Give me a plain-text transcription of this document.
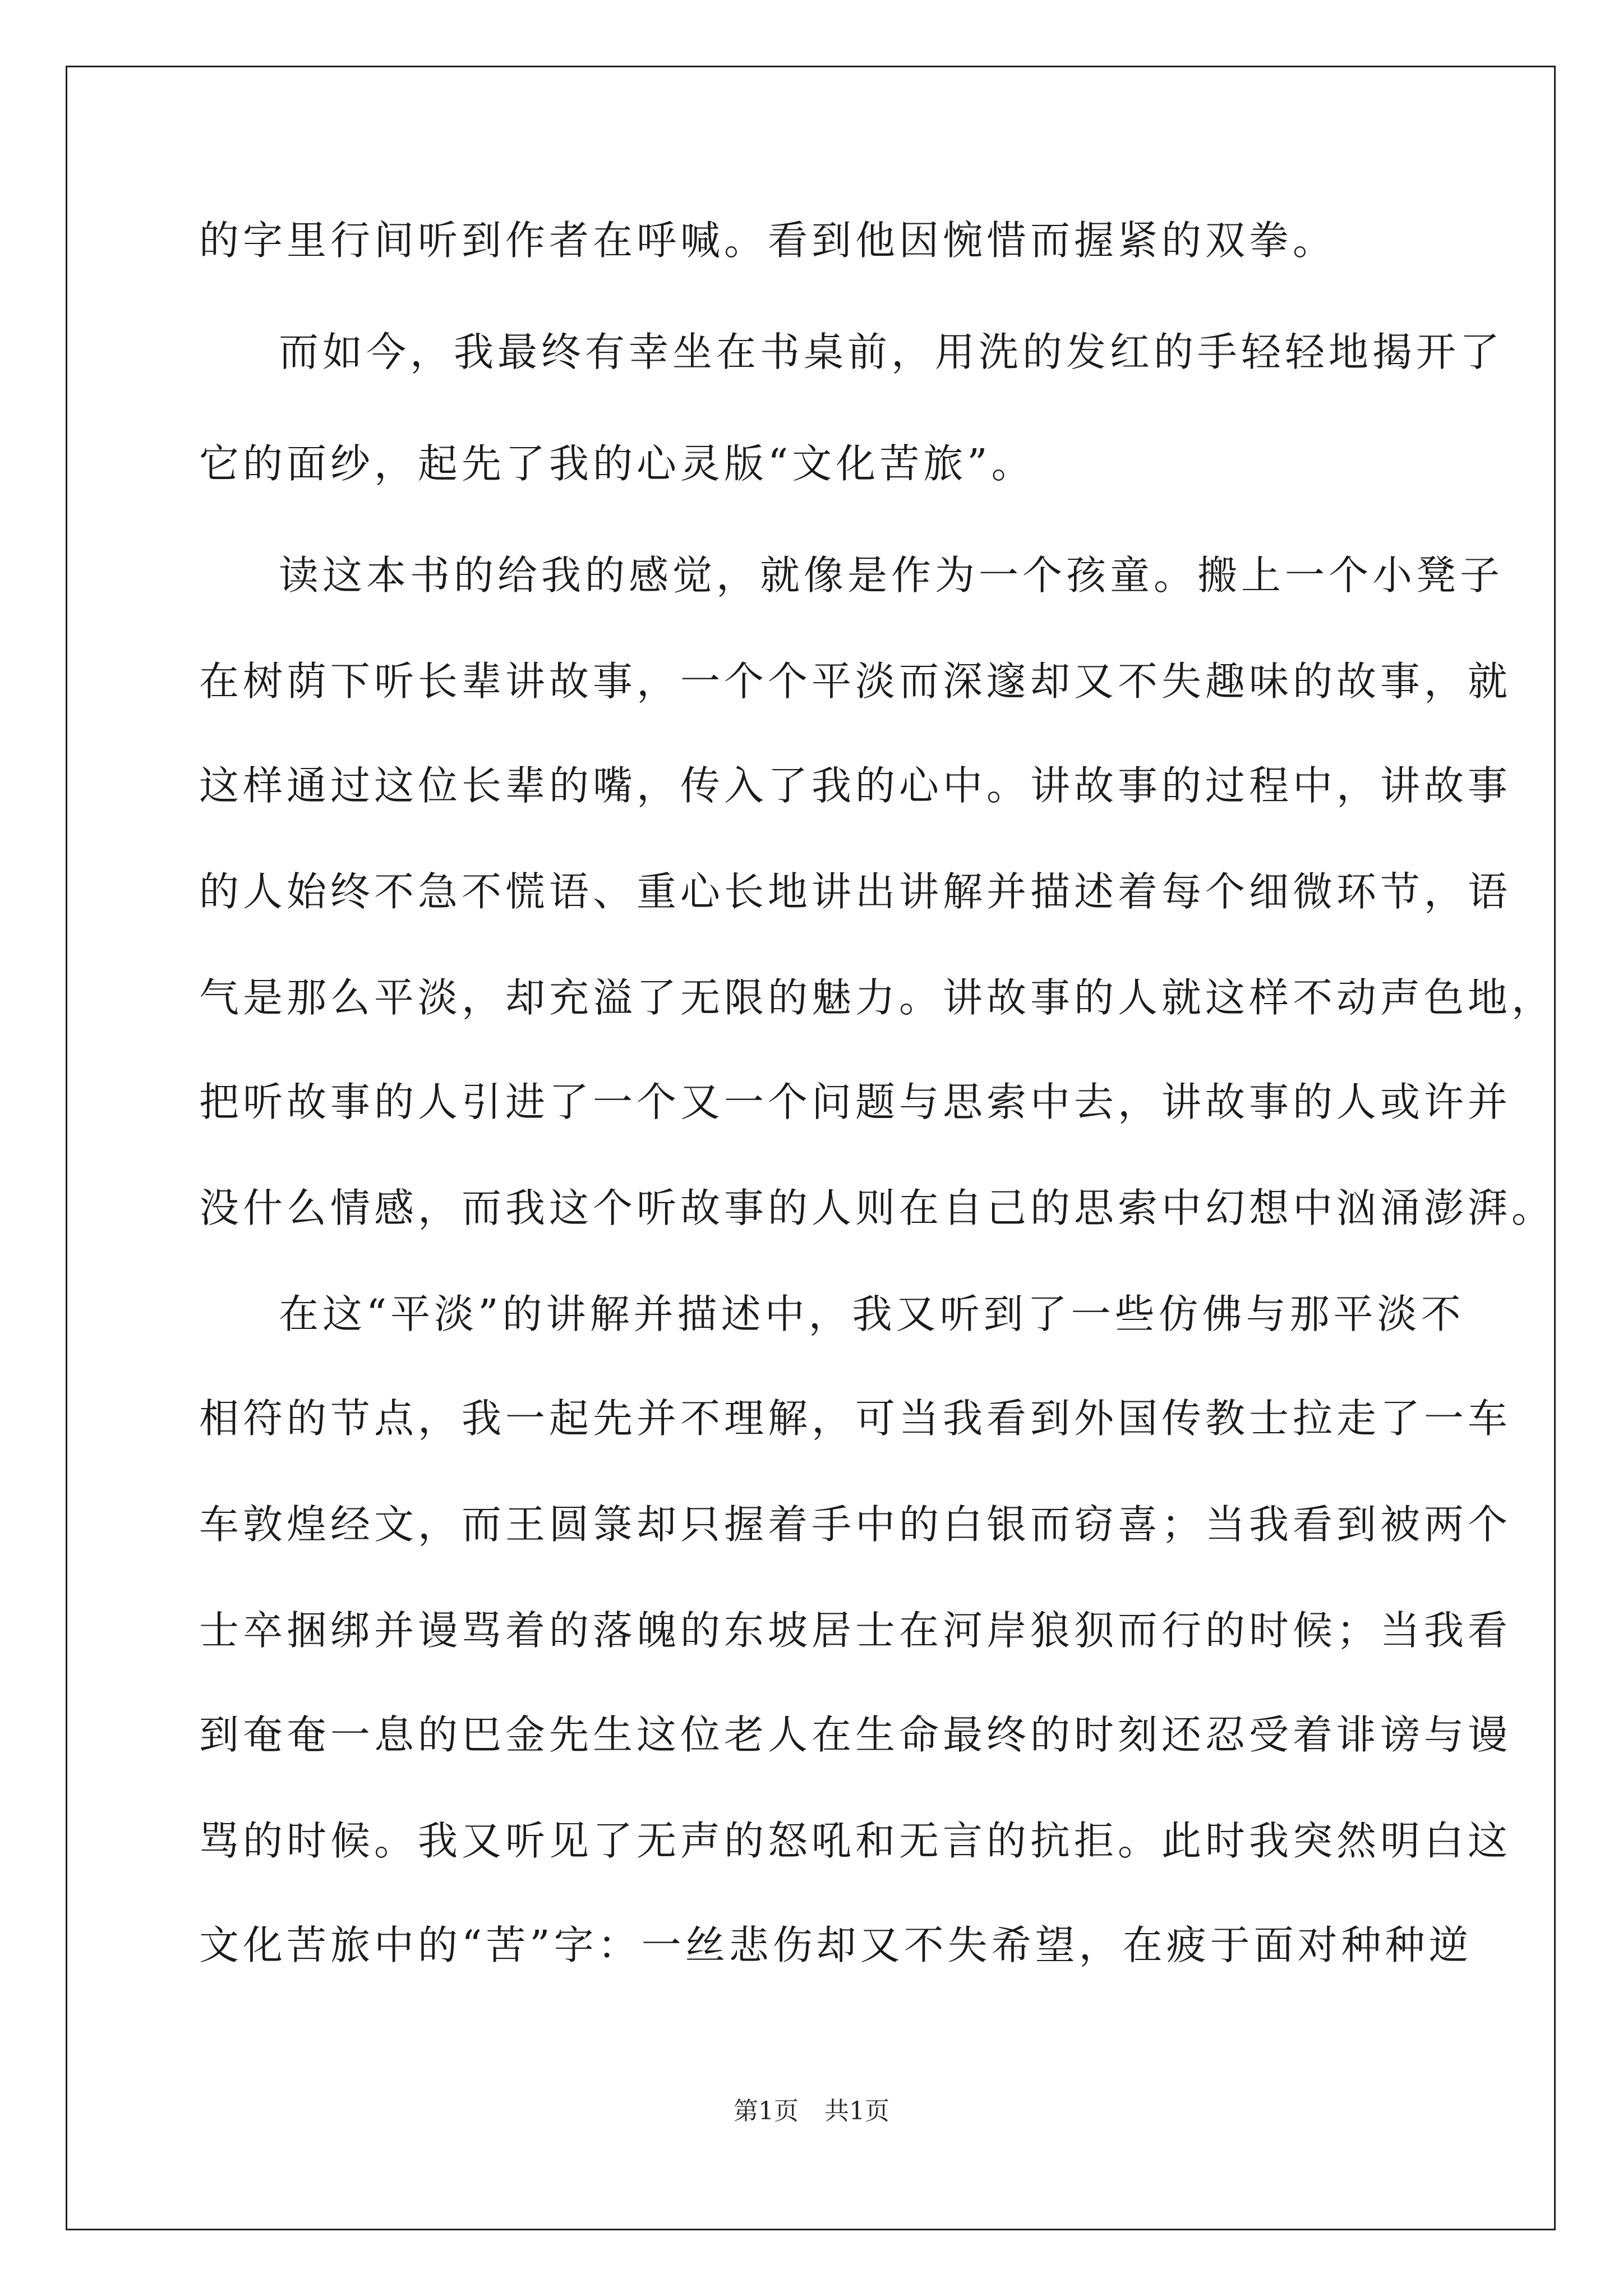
的字里行间听到作者在呼喊。看到他因惋惜而握紧的双拳。
而如今，我最终有幸坐在书桌前，用洗的发红的手轻轻地揭开了
它的面纱，起先了我的心灵版“文化苦旅”。
读这本书的给我的感觉，就像是作为一个孩童。搬上一个小凳子
在树荫下听长辈讲故事，一个个平淡而深邃却又不失趣味的故事，就
这样通过这位长辈的嘴，传入了我的心中。讲故事的过程中，讲故事
的人始终不急不慌语、重心长地讲出讲解并描述着每个细微环节，语
气是那么平淡，却充溢了无限的魅力。讲故事的人就这样不动声色地，
把听故事的人引进了一个又一个问题与思索中去，讲故事的人或许并
没什么情感，而我这个听故事的人则在自己的思索中幻想中汹涌澎湃。
在这“平淡”的讲解并描述中，我又听到了一些仿佛与那平淡不
相符的节点，我一起先并不理解，可当我看到外国传教士拉走了一车
车敦煌经文，而王圆箓却只握着手中的白银而窃喜；当我看到被两个
士卒捆绑并谩骂着的落魄的东坡居士在河岸狼狈而行的时候；当我看
到奄奄一息的巴金先生这位老人在生命最终的时刻还忍受着诽谤与谩
骂的时候。我又听见了无声的怒吼和无言的抗拒。此时我突然明白这
文化苦旅中的“苦”字：一丝悲伤却又不失希望，在疲于面对种种逆
第1页 共1页
